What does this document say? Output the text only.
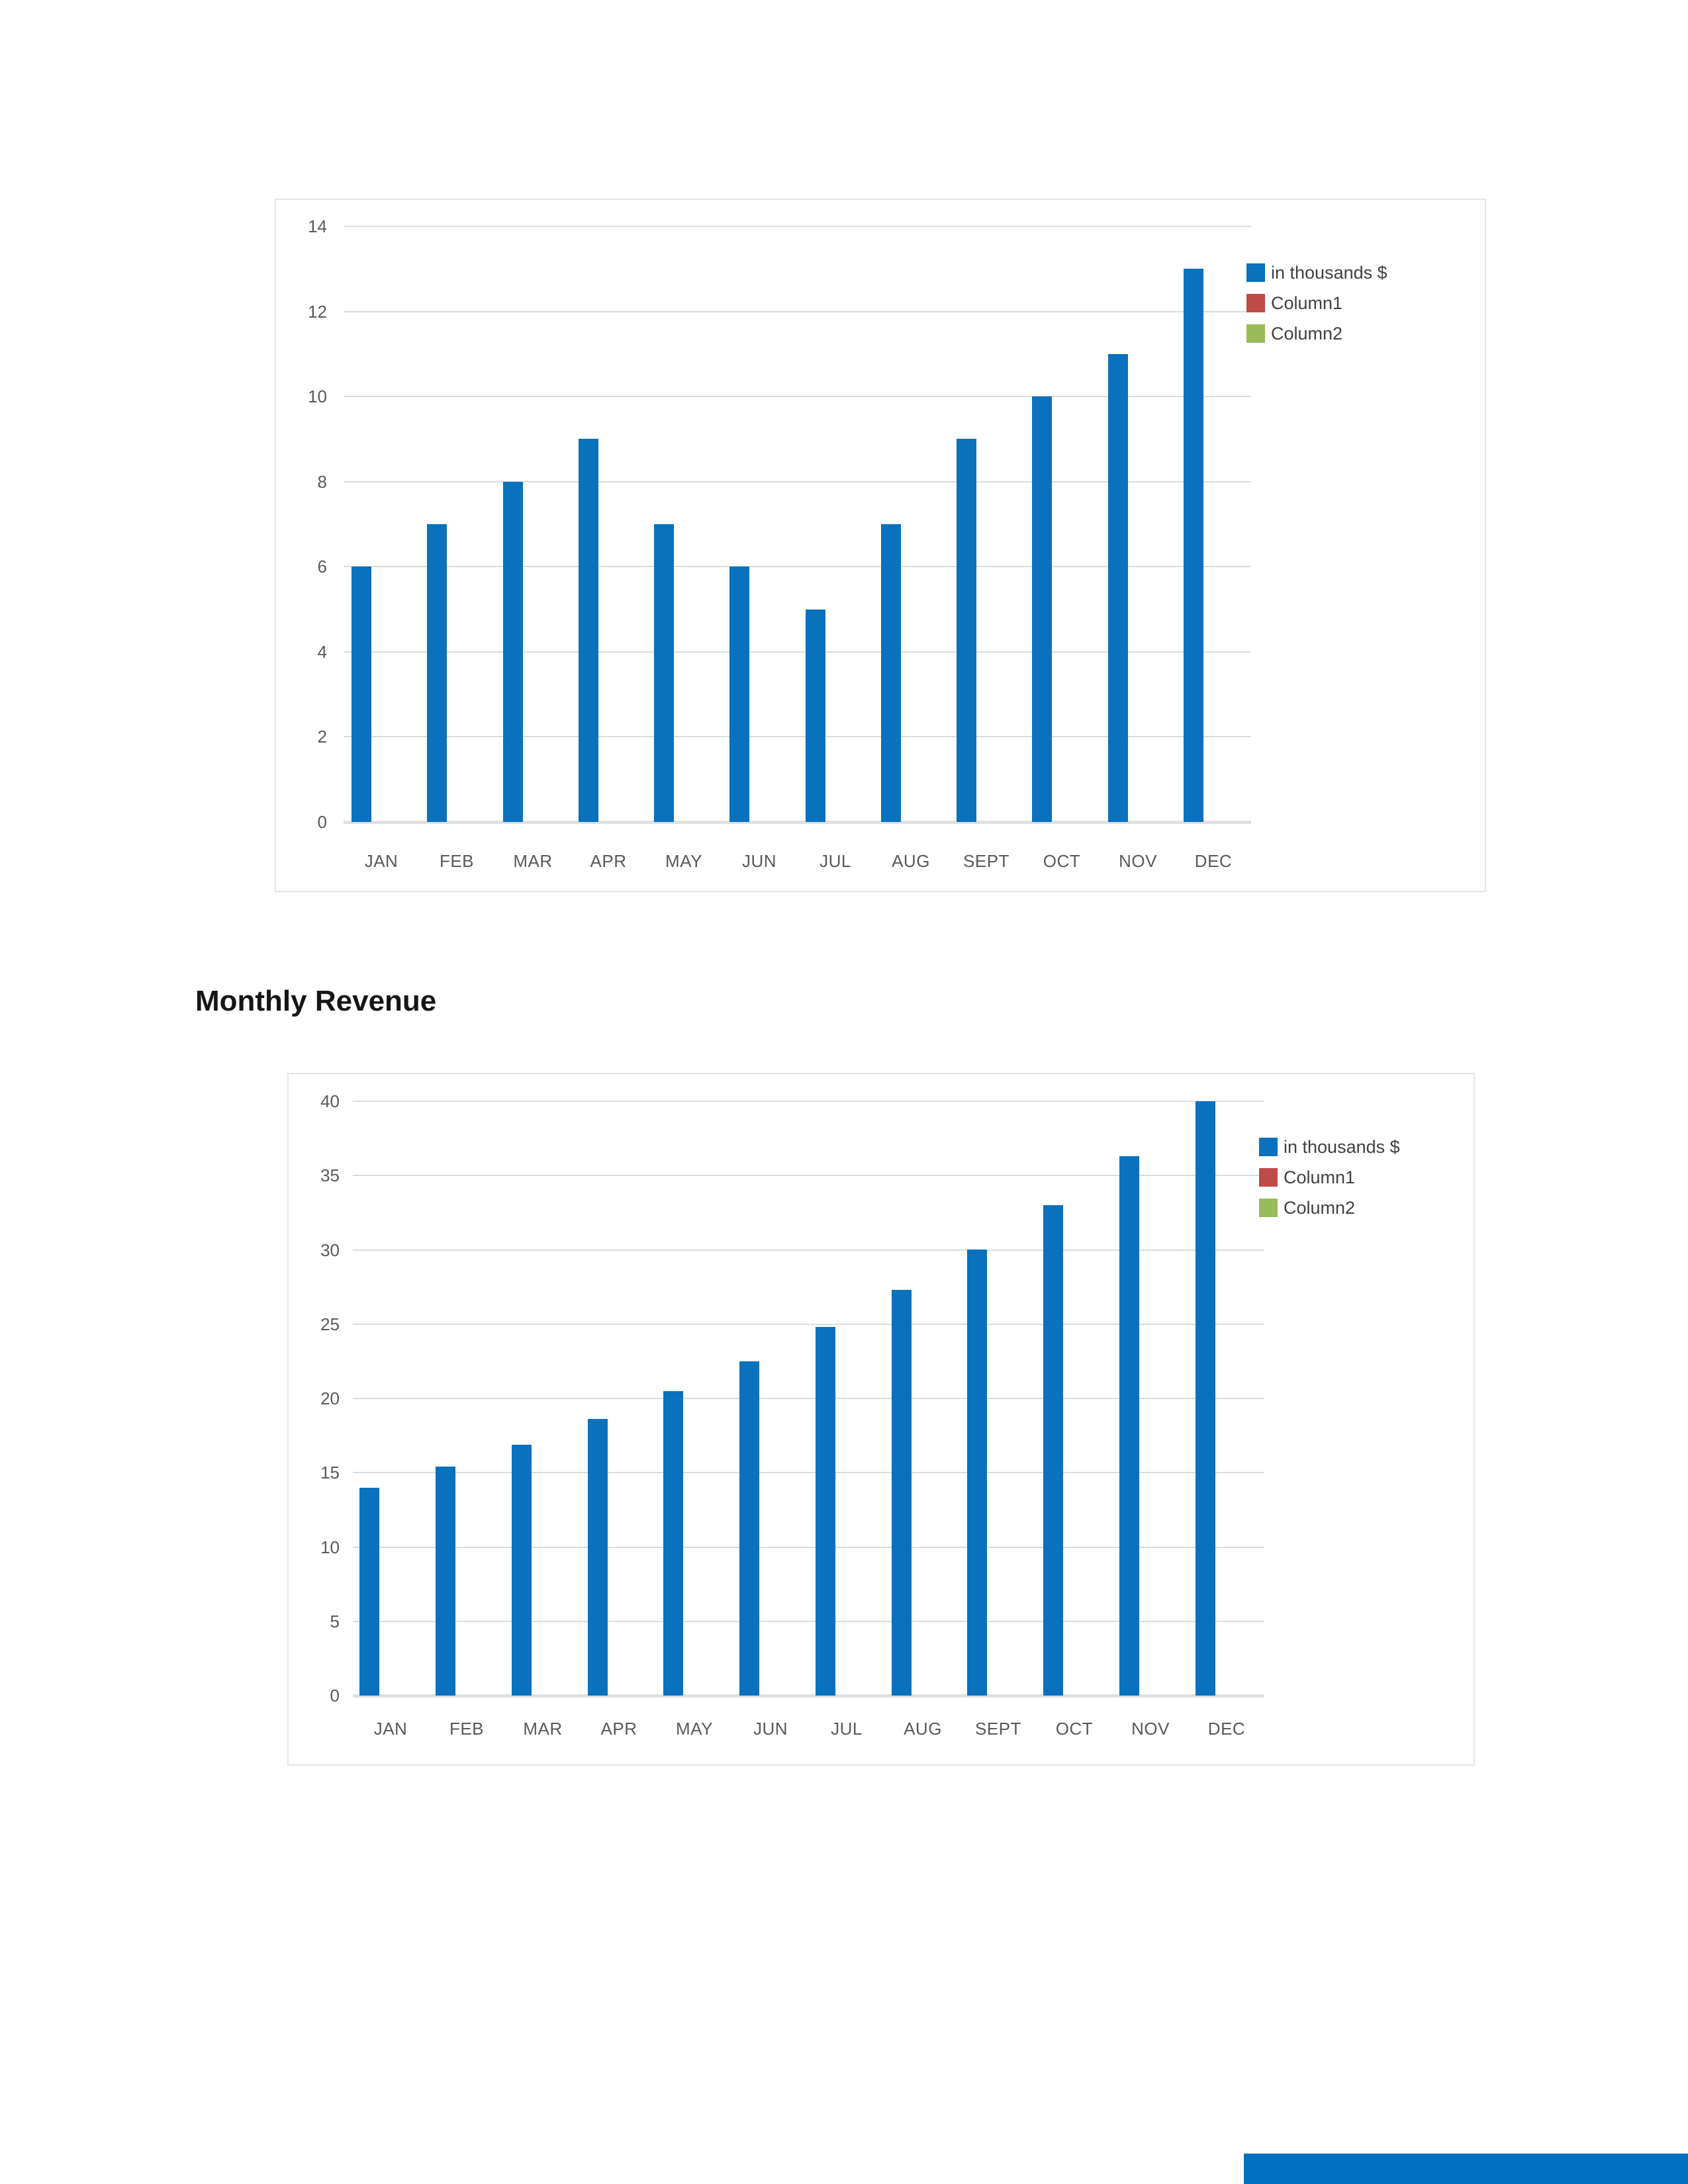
0
2
4
6
8
10
12
14
JAN	FEB	MAR	APR	MAY	JUN	JUL	AUG	SEPT	OCT	NOV	DEC
in thousands $
Column1
Column2
Monthly Revenue
0
5
10
15
20
25
30
35
40
JAN	FEB	MAR	APR	MAY	JUN	JUL	AUG	SEPT	OCT	NOV	DEC
in thousands $
Column1
Column2
